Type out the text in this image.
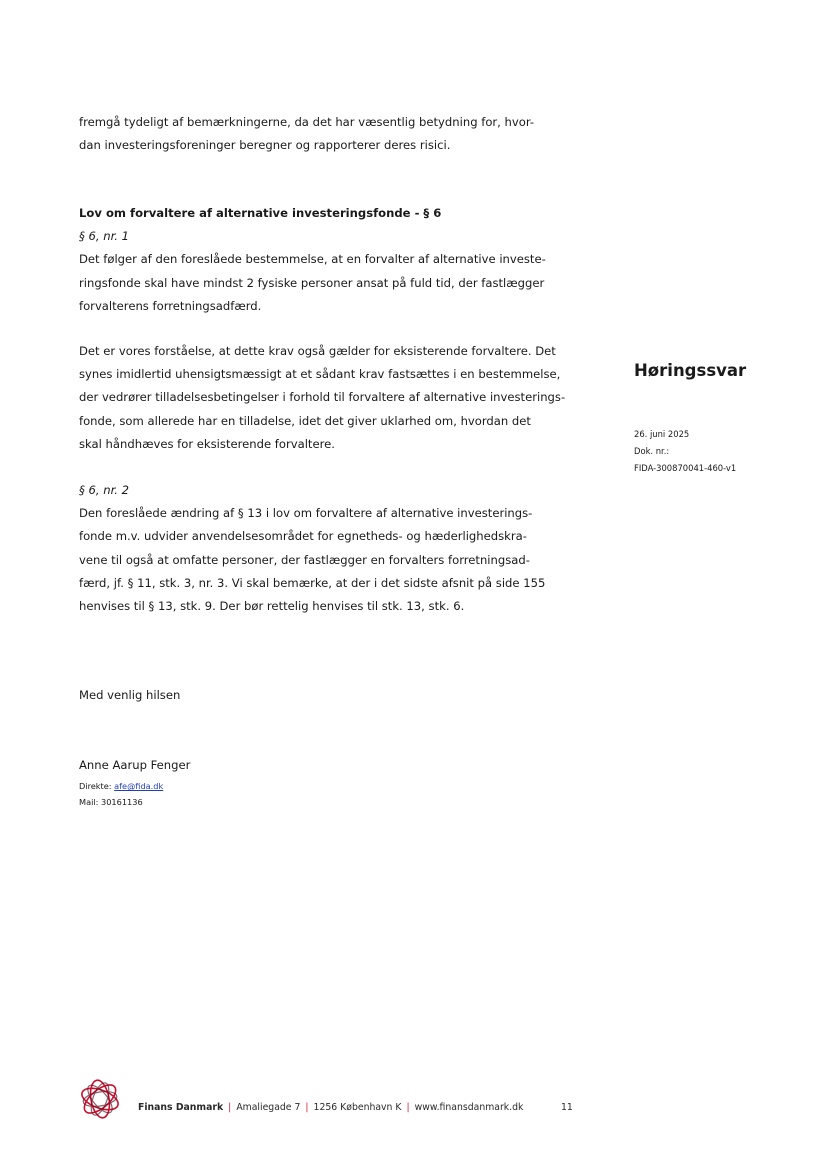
fremgå tydeligt af bemærkningerne, da det har væsentlig betydning for, hvor-
dan investeringsforeninger beregner og rapporterer deres risici.
Lov om forvaltere af alternative investeringsfonde - § 6
§ 6, nr. 1
Det følger af den foreslåede bestemmelse, at en forvalter af alternative investe-
ringsfonde skal have mindst 2 fysiske personer ansat på fuld tid, der fastlægger
forvalterens forretningsadfærd.
Det er vores forståelse, at dette krav også gælder for eksisterende forvaltere. Det
synes imidlertid uhensigtsmæssigt at et sådant krav fastsættes i en bestemmelse,
der vedrører tilladelsesbetingelser i forhold til forvaltere af alternative investerings-
fonde, som allerede har en tilladelse, idet det giver uklarhed om, hvordan det
skal håndhæves for eksisterende forvaltere.
§ 6, nr. 2
Den foreslåede ændring af § 13 i lov om forvaltere af alternative investerings-
fonde m.v. udvider anvendelsesområdet for egnetheds- og hæderlighedskra-
vene til også at omfatte personer, der fastlægger en forvalters forretningsad-
færd, jf. § 11, stk. 3, nr. 3. Vi skal bemærke, at der i det sidste afsnit på side 155
henvises til § 13, stk. 9. Der bør rettelig henvises til stk. 13, stk. 6.
Med venlig hilsen
Anne Aarup Fenger
Direkte: afe@fida.dk
Mail: 30161136
Høringssvar
26. juni 2025
Dok. nr.:
FIDA-300870041-460-v1
Finans Danmark | Amaliegade 7 | 1256 København K | www.finansdanmark.dk	11
